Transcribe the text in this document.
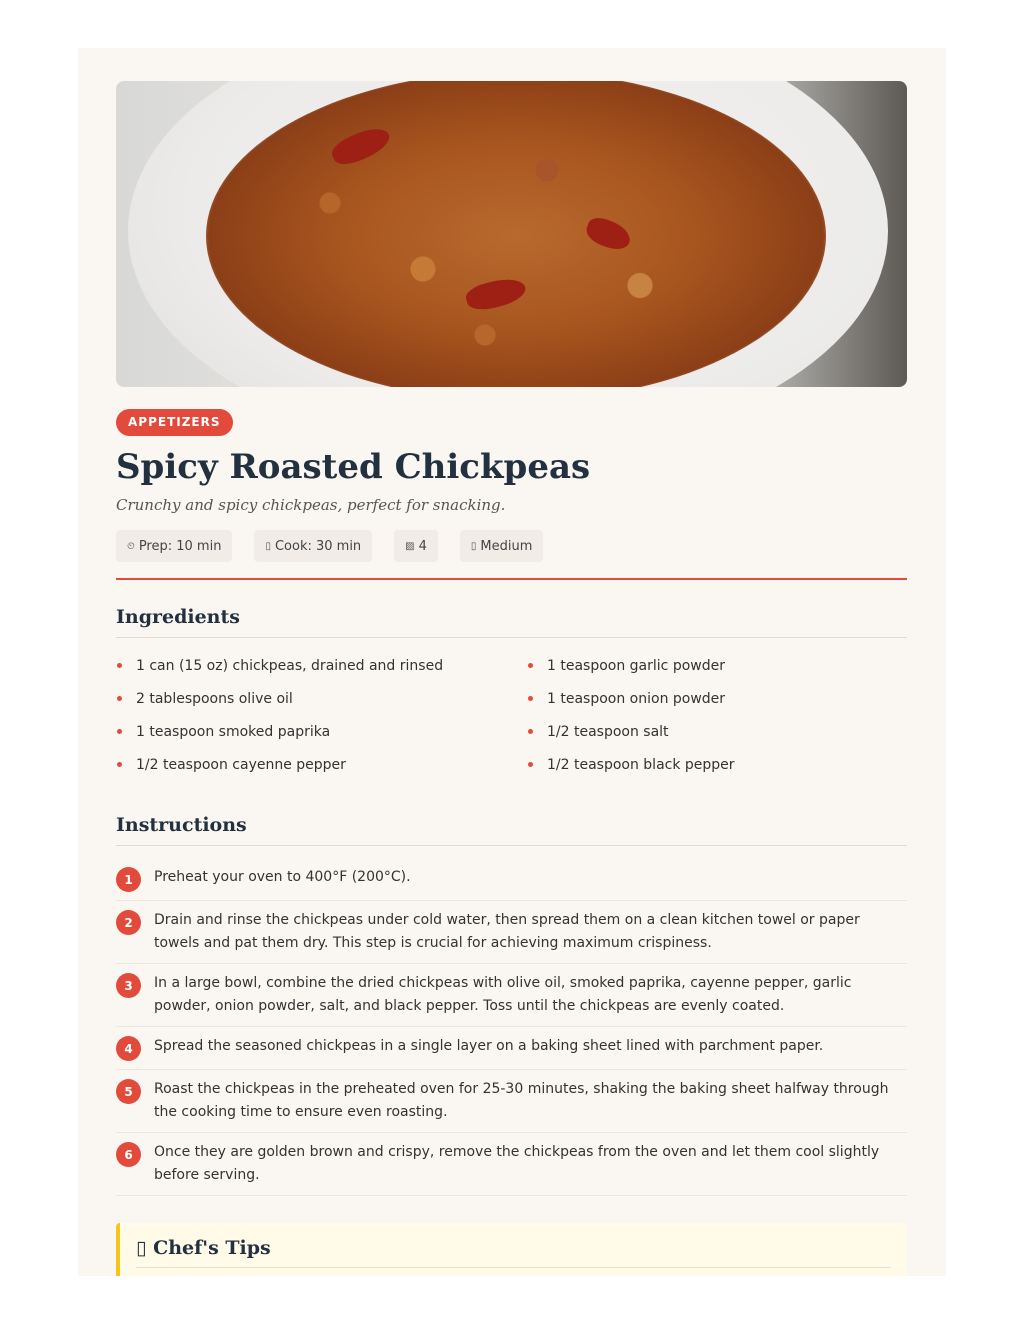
APPETIZERS
Spicy Roasted Chickpeas

Crunchy and spicy chickpeas, perfect for snacking.

⏲ Prep: 10 min	▯ Cook: 30 min	▨ 4	▯ Medium
Ingredients
1 can (15 oz) chickpeas, drained and rinsed	1 teaspoon garlic powder
2 tablespoons olive oil	1 teaspoon onion powder
1 teaspoon smoked paprika	1/2 teaspoon salt
1/2 teaspoon cayenne pepper	1/2 teaspoon black pepper
Instructions
1	Preheat your oven to 400°F (200°C).
2	Drain and rinse the chickpeas under cold water, then spread them on a clean kitchen towel or paper towels and pat them dry. This step is crucial for achieving maximum crispiness.
3	In a large bowl, combine the dried chickpeas with olive oil, smoked paprika, cayenne pepper, garlic powder, onion powder, salt, and black pepper. Toss until the chickpeas are evenly coated.
4	Spread the seasoned chickpeas in a single layer on a baking sheet lined with parchment paper.
5	Roast the chickpeas in the preheated oven for 25-30 minutes, shaking the baking sheet halfway through the cooking time to ensure even roasting.
6	Once they are golden brown and crispy, remove the chickpeas from the oven and let them cool slightly before serving.
▯ Chef's Tips
